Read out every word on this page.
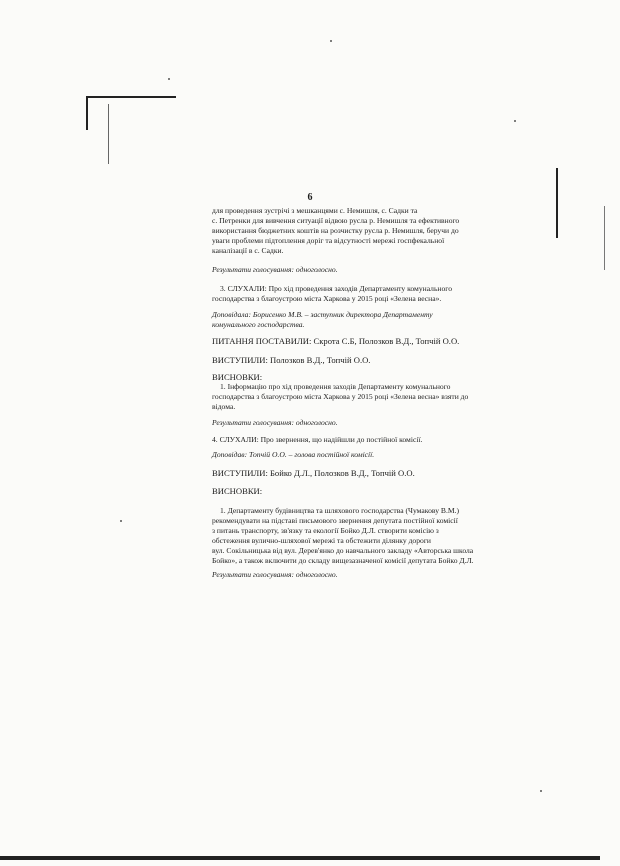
6

для проведення зустрічі з мешканцями с. Немишля, с. Садки та

с. Петренки для вивчення ситуації відвою русла р. Немишля та ефективного

використання бюджетних коштів на розчистку русла р. Немишля, беручи до

уваги проблеми підтоплення доріг та відсутності мережі госпфекальної

каналізації в с. Садки.

Результати голосування: одноголосно.

3. СЛУХАЛИ: Про хід проведення заходів Департаменту комунального

господарства з благоустрою міста Харкова у 2015 році «Зелена весна».

Доповідала: Борисенко М.В. – заступник директора Департаменту

комунального господарства.

ПИТАННЯ ПОСТАВИЛИ: Скрота С.Б, Полозков В.Д., Топчій О.О.

ВИСТУПИЛИ: Полозков В.Д., Топчій О.О.

ВИСНОВКИ:

1. Інформацію про хід проведення заходів Департаменту комунального

господарства з благоустрою міста Харкова у 2015 році «Зелена весна» взяти до

відома.

Результати голосування: одноголосно.

4. СЛУХАЛИ: Про звернення, що надійшли до постійної комісії.

Доповідав: Топчій О.О. – голова постійної комісії.

ВИСТУПИЛИ: Бойко Д.Л., Полозков В.Д., Топчій О.О.

ВИСНОВКИ:

1. Департаменту будівництва та шляхового господарства (Чумакову В.М.)

рекомендувати на підставі письмового звернення депутата постійної комісії

з питань транспорту, зв'язку та екології Бойко Д.Л. створити комісію з

обстеження вулично-шляхової мережі та обстежити ділянку дороги

вул. Сокільницька від вул. Дерев'янко до навчального закладу «Авторська школа

Бойко», а також включити до складу вищезазначеної комісії депутата Бойко Д.Л.

Результати голосування: одноголосно.
